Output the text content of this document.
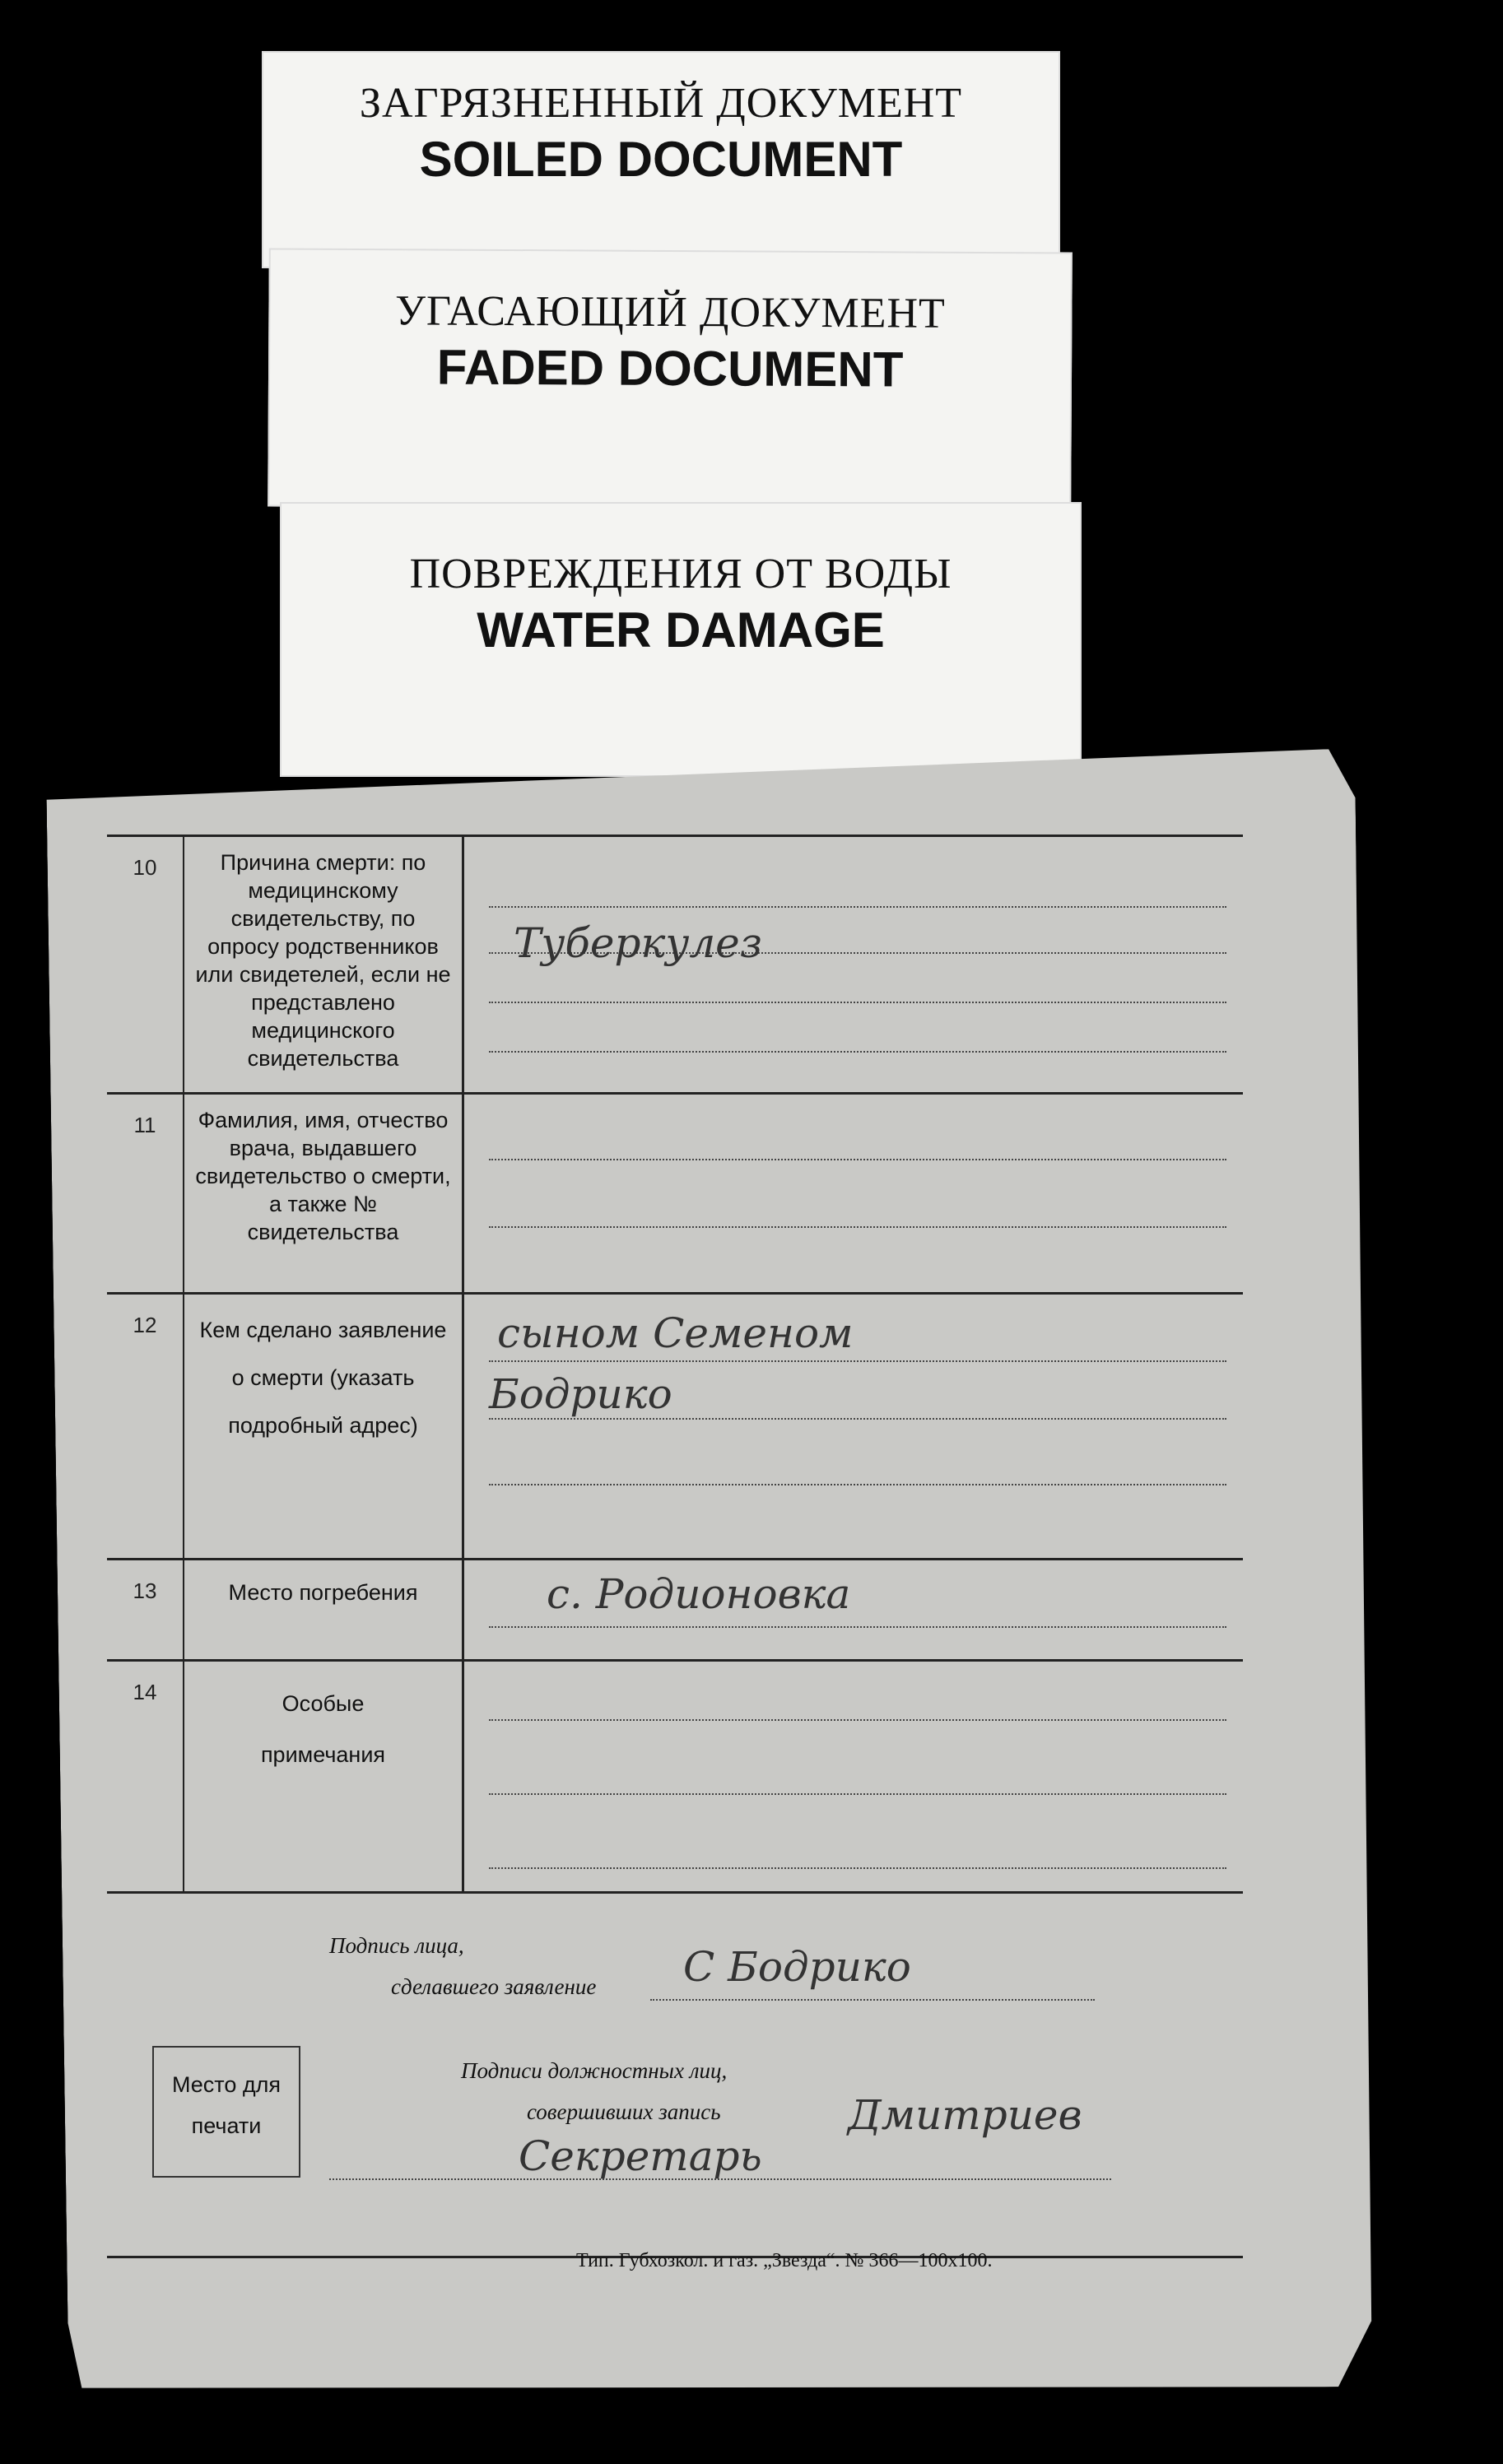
ЗАГРЯЗНЕННЫЙ ДОКУМЕНТ
SOILED DOCUMENT
УГАСАЮЩИЙ ДОКУМЕНТ
FADED DOCUMENT
ПОВРЕЖДЕНИЯ ОТ ВОДЫ
WATER DAMAGE
10	Причина смерти: по медицинскому свидетельству, по опросу родственников или свидетелей, если не представлено медицинского свидетельства
Туберкулез
11	Фамилия, имя, отчество врача, выдавшего свидетельство о смерти, а также № свидетельства
12	Кем сделано заявление о смерти (указать подробный адрес)
сыном Семеном
Бодрико
13	Место погребения	с. Родионовка
14	Особые примечания
Подпись лица,
сделавшего заявление С Бодрико
Место для печати
Подписи должностных лиц,
совершивших запись
Секретарь
Дмитриев
Тип. Губхозкол. и газ. „Звезда“. № 366—100х100.
